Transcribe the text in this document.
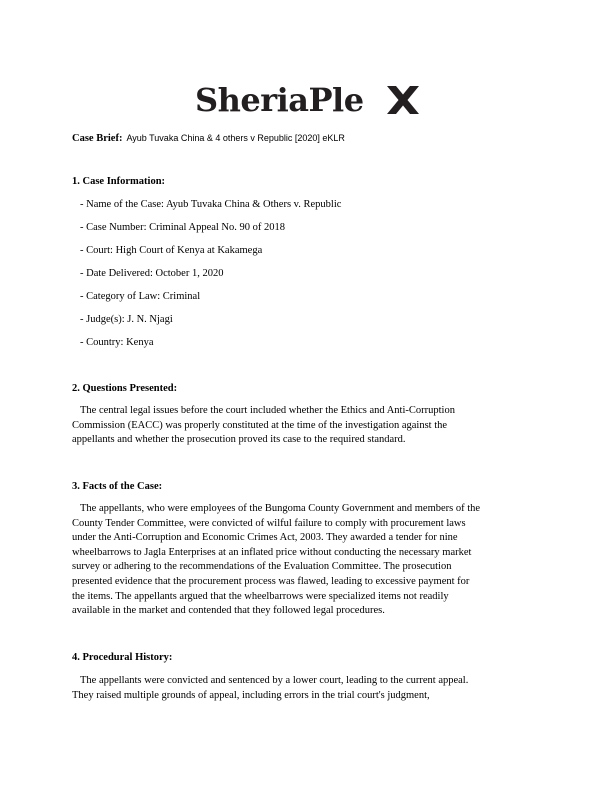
SheriaPle
Case Brief: Ayub Tuvaka China & 4 others v Republic [2020] eKLR
1. Case Information:
- Name of the Case: Ayub Tuvaka China & Others v. Republic
- Case Number: Criminal Appeal No. 90 of 2018
- Court: High Court of Kenya at Kakamega
- Date Delivered: October 1, 2020
- Category of Law: Criminal
- Judge(s): J. N. Njagi
- Country: Kenya
2. Questions Presented:
The central legal issues before the court included whether the Ethics and Anti-Corruption
Commission (EACC) was properly constituted at the time of the investigation against the
appellants and whether the prosecution proved its case to the required standard.
3. Facts of the Case:
The appellants, who were employees of the Bungoma County Government and members of the
County Tender Committee, were convicted of wilful failure to comply with procurement laws
under the Anti-Corruption and Economic Crimes Act, 2003. They awarded a tender for nine
wheelbarrows to Jagla Enterprises at an inflated price without conducting the necessary market
survey or adhering to the recommendations of the Evaluation Committee. The prosecution
presented evidence that the procurement process was flawed, leading to excessive payment for
the items. The appellants argued that the wheelbarrows were specialized items not readily
available in the market and contended that they followed legal procedures.
4. Procedural History:
The appellants were convicted and sentenced by a lower court, leading to the current appeal.
They raised multiple grounds of appeal, including errors in the trial court's judgment,
